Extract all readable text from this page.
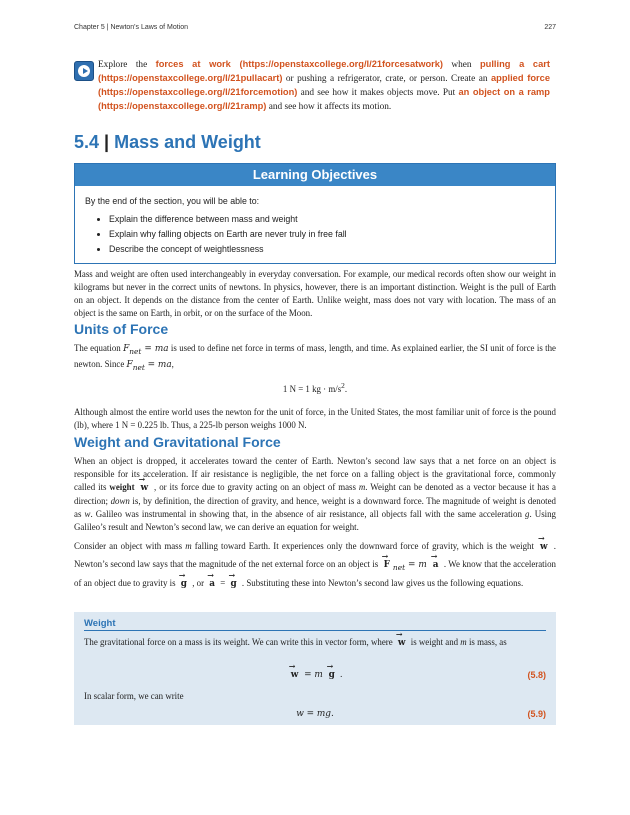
Chapter 5 | Newton's Laws of Motion	227

Explore the forces at work (https://openstaxcollege.org/l/21forcesatwork) when pulling a cart (https://openstaxcollege.org/l/21pullacart) or pushing a refrigerator, crate, or person. Create an applied force (https://openstaxcollege.org/l/21forcemotion) and see how it makes objects move. Put an object on a ramp (https://openstaxcollege.org/l/21ramp) and see how it affects its motion.

5.4 | Mass and Weight
Learning Objectives
By the end of the section, you will be able to:
• Explain the difference between mass and weight
• Explain why falling objects on Earth are never truly in free fall
• Describe the concept of weightlessness

Mass and weight are often used interchangeably in everyday conversation. For example, our medical records often show our weight in kilograms but never in the correct units of newtons. In physics, however, there is an important distinction. Weight is the pull of Earth on an object. It depends on the distance from the center of Earth. Unlike weight, mass does not vary with location. The mass of an object is the same on Earth, in orbit, or on the surface of the Moon.

Units of Force

The equation $F_{net}$ = ma is used to define net force in terms of mass, length, and time. As explained earlier, the SI unit of force is the newton. Since $F_{net}$ = ma,

1 N = 1 kg · $m/s^2$.

Although almost the entire world uses the newton for the unit of force, in the United States, the most familiar unit of force is the pound (lb), where 1 N = 0.225 lb. Thus, a 225-lb person weighs 1000 N.

Weight and Gravitational Force

When an object is dropped, it accelerates toward the center of Earth. Newton’s second law says that a net force on an object is responsible for its acceleration. If air resistance is negligible, the net force on a falling object is the gravitational force, commonly called its weight → w , or its force due to gravity acting on an object of mass m. Weight can be denoted as a vector because it has a direction; down is, by definition, the direction of gravity, and hence, weight is a downward force. The magnitude of weight is denoted as w. Galileo was instrumental in showing that, in the absence of air resistance, all objects fall with the same acceleration g. Using Galileo’s result and Newton’s second law, we can derive an equation for weight.

Consider an object with mass m falling toward Earth. It experiences only the downward force of gravity, which is the weight → w . Newton’s second law says that the magnitude of the net external force on an object is → F $_{net}$ = m → a . We know that the acceleration of an object due to gravity is → g , or → a = → g . Substituting these into Newton’s second law gives us the following equations.

Weight
The gravitational force on a mass is its weight. We can write this in vector form, where → w is weight and m is mass, as
→ w = m → g .	(5.8)
In scalar form, we can write
w = mg.	(5.9)
